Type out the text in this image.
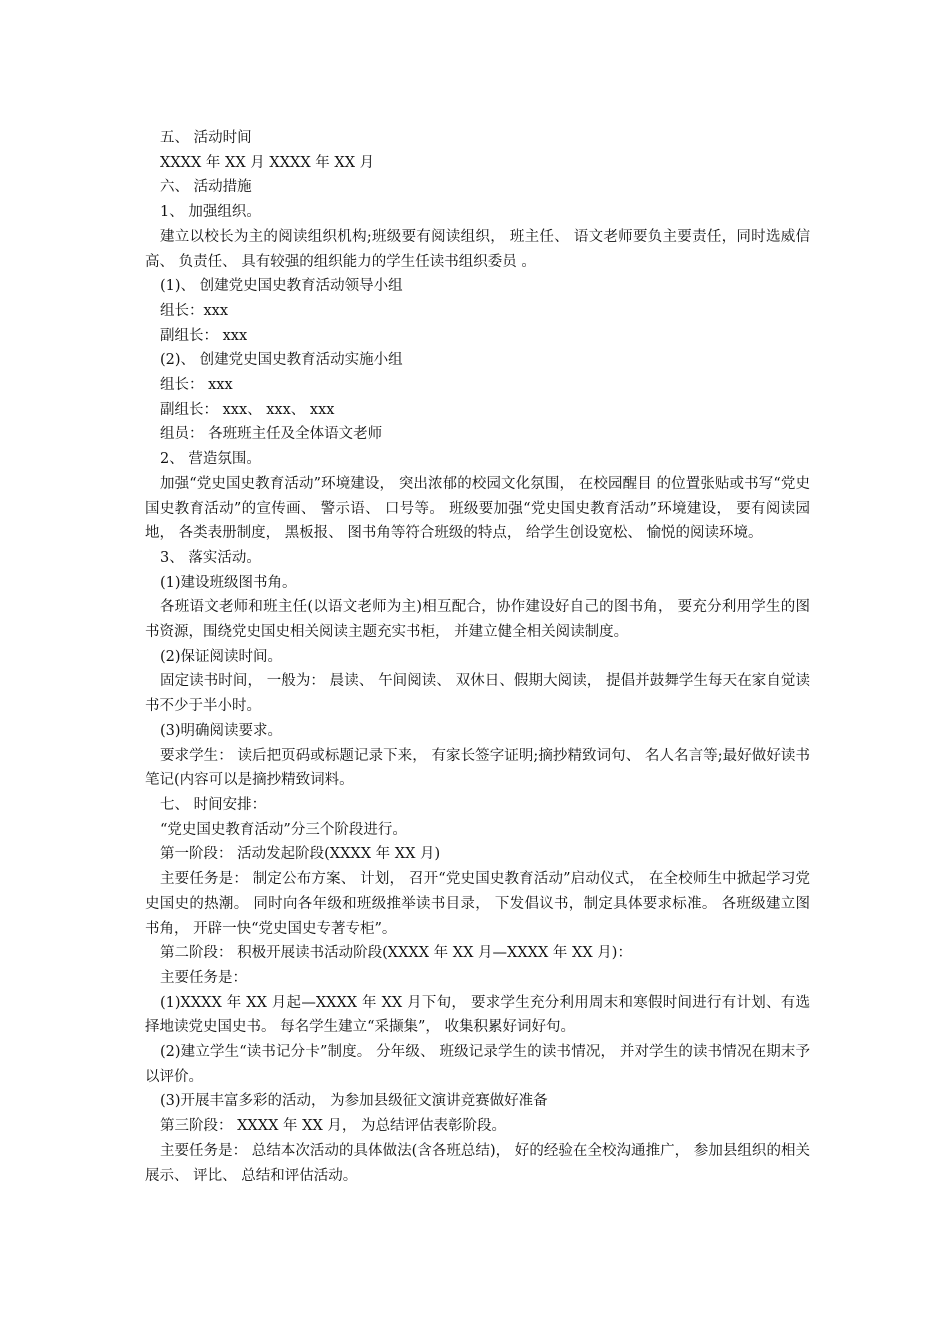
五、 活动时间

XXXX 年 XX 月 XXXX 年 XX 月

六、 活动措施

1、 加强组织。

建立以校长为主的阅读组织机构;班级要有阅读组织， 班主任、 语文老师要负主要责任，同时选威信高、 负责任、 具有较强的组织能力的学生任读书组织委员 。

(1)、 创建党史国史教育活动领导小组

组长：xxx

副组长： xxx

(2)、 创建党史国史教育活动实施小组

组长： xxx

副组长： xxx、 xxx、 xxx

组员： 各班班主任及全体语文老师

2、 营造氛围。

加强“党史国史教育活动”环境建设， 突出浓郁的校园文化氛围， 在校园醒目 的位置张贴或书写“党史国史教育活动”的宣传画、 警示语、 口号等。 班级要加强“党史国史教育活动”环境建设， 要有阅读园地， 各类表册制度， 黑板报、 图书角等符合班级的特点， 给学生创设宽松、 愉悦的阅读环境。

3、 落实活动。

(1)建设班级图书角。

各班语文老师和班主任(以语文老师为主)相互配合，协作建设好自己的图书角， 要充分利用学生的图书资源，围绕党史国史相关阅读主题充实书柜， 并建立健全相关阅读制度。

(2)保证阅读时间。

固定读书时间， 一般为： 晨读、 午间阅读、 双休日、假期大阅读， 提倡并鼓舞学生每天在家自觉读书不少于半小时。

(3)明确阅读要求。

要求学生： 读后把页码或标题记录下来， 有家长签字证明;摘抄精致词句、 名人名言等;最好做好读书笔记(内容可以是摘抄精致词料。

七、 时间安排：

“党史国史教育活动”分三个阶段进行。

第一阶段： 活动发起阶段(XXXX 年 XX 月)

主要任务是： 制定公布方案、 计划， 召开“党史国史教育活动”启动仪式， 在全校师生中掀起学习党史国史的热潮。 同时向各年级和班级推举读书目录， 下发倡议书，制定具体要求标准。 各班级建立图书角， 开辟一快“党史国史专著专柜”。

第二阶段： 积极开展读书活动阶段(XXXX 年 XX 月—XXXX 年 XX 月)：

主要任务是：

(1)XXXX 年 XX 月起—XXXX 年 XX 月下旬， 要求学生充分利用周末和寒假时间进行有计划、有选择地读党史国史书。 每名学生建立“采撷集”， 收集积累好词好句。

(2)建立学生“读书记分卡”制度。 分年级、 班级记录学生的读书情况， 并对学生的读书情况在期末予以评价。

(3)开展丰富多彩的活动， 为参加县级征文演讲竞赛做好准备

第三阶段： XXXX 年 XX 月， 为总结评估表彰阶段。

主要任务是： 总结本次活动的具体做法(含各班总结)， 好的经验在全校沟通推广， 参加县组织的相关展示、 评比、 总结和评估活动。
